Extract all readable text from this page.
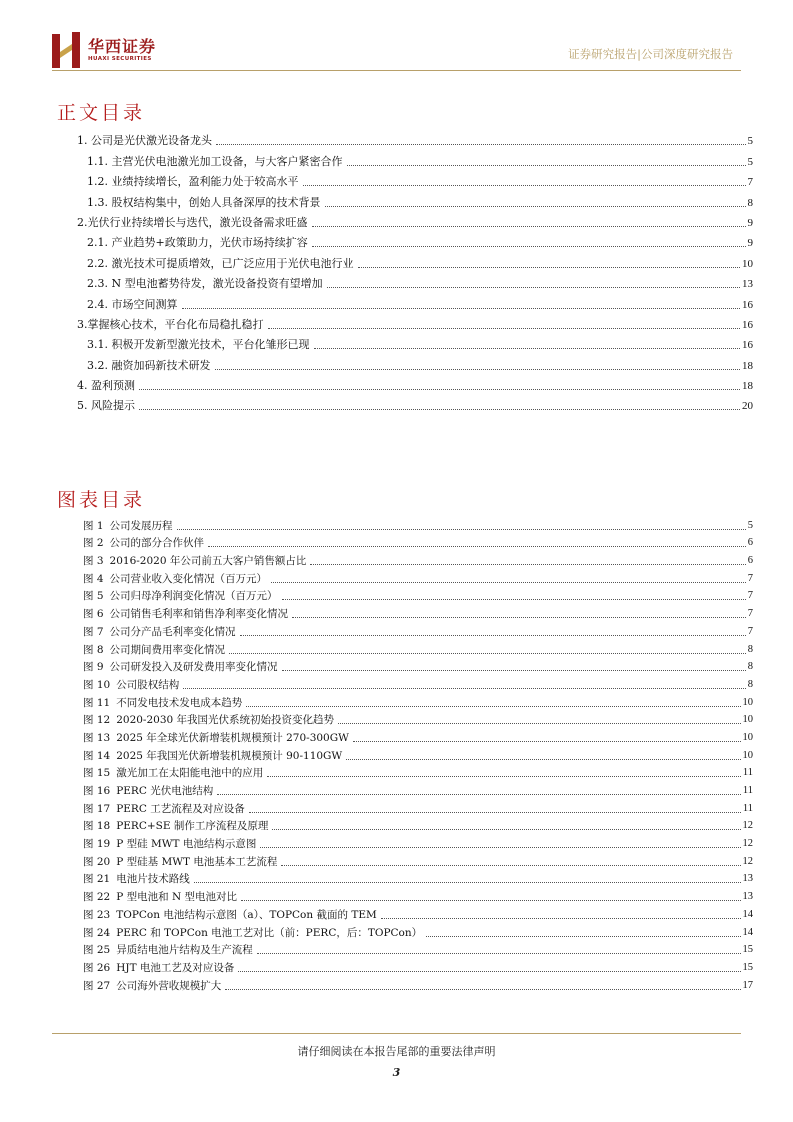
华西证券
HUAXI SECURITIES	证券研究报告|公司深度研究报告
正文目录
1. 公司是光伏激光设备龙头	5
1.1. 主营光伏电池激光加工设备，与大客户紧密合作	5
1.2. 业绩持续增长，盈利能力处于较高水平	7
1.3. 股权结构集中，创始人具备深厚的技术背景	8
2.光伏行业持续增长与迭代，激光设备需求旺盛	9
2.1. 产业趋势+政策助力，光伏市场持续扩容	9
2.2. 激光技术可提质增效，已广泛应用于光伏电池行业	10
2.3. N 型电池蓄势待发，激光设备投资有望增加	13
2.4. 市场空间测算	16
3.掌握核心技术，平台化布局稳扎稳打	16
3.1. 积极开发新型激光技术，平台化雏形已现	16
3.2. 融资加码新技术研发	18
4. 盈利预测	18
5. 风险提示	20
图表目录
图 1 公司发展历程	5
图 2 公司的部分合作伙伴	6
图 3 2016-2020 年公司前五大客户销售额占比	6
图 4 公司营业收入变化情况（百万元）	7
图 5 公司归母净利润变化情况（百万元）	7
图 6 公司销售毛利率和销售净利率变化情况	7
图 7 公司分产品毛利率变化情况	7
图 8 公司期间费用率变化情况	8
图 9 公司研发投入及研发费用率变化情况	8
图 10 公司股权结构	8
图 11 不同发电技术发电成本趋势	10
图 12 2020-2030 年我国光伏系统初始投资变化趋势	10
图 13 2025 年全球光伏新增装机规模预计 270-300GW	10
图 14 2025 年我国光伏新增装机规模预计 90-110GW	10
图 15 激光加工在太阳能电池中的应用	11
图 16 PERC 光伏电池结构	11
图 17 PERC 工艺流程及对应设备	11
图 18 PERC+SE 制作工序流程及原理	12
图 19 P 型硅 MWT 电池结构示意图	12
图 20 P 型硅基 MWT 电池基本工艺流程	12
图 21 电池片技术路线	13
图 22 P 型电池和 N 型电池对比	13
图 23 TOPCon 电池结构示意图（a）、TOPCon 截面的 TEM	14
图 24 PERC 和 TOPCon 电池工艺对比（前：PERC，后：TOPCon）	14
图 25 异质结电池片结构及生产流程	15
图 26 HJT 电池工艺及对应设备	15
图 27 公司海外营收规模扩大	17
请仔细阅读在本报告尾部的重要法律声明
3
